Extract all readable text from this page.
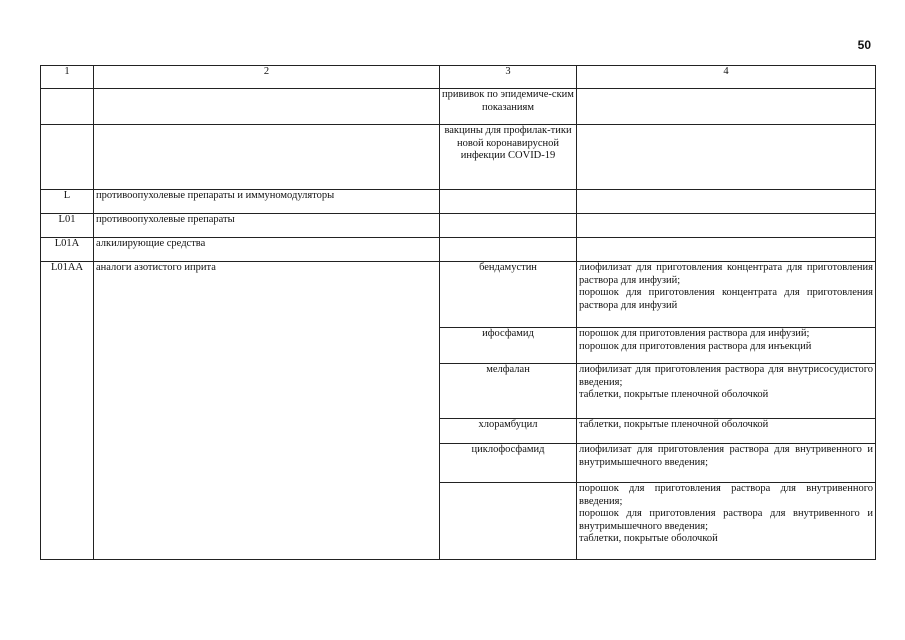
50
1	2	3	4
		прививок по эпидемиче-ским показаниям	
		вакцины для профилак-тики новой коронавирусной инфекции COVID-19	
L	противоопухолевые препараты и иммуномодуляторы		
L01	противоопухолевые препараты		
L01A	алкилирующие средства		
L01AA	аналоги азотистого иприта	бендамустин	лиофилизат для приготовления концентрата для приготовления раствора для инфузий;
порошок для приготовления концентрата для приготовления раствора для инфузий

		ифосфамид	порошок для приготовления раствора для инфузий;
порошок для приготовления раствора для инъекций

		мелфалан	лиофилизат для приготовления раствора для внутрисосудистого введения;
таблетки, покрытые пленочной оболочкой

		хлорамбуцил	таблетки, покрытые пленочной оболочкой

		циклофосфамид	лиофилизат для приготовления раствора для внутривенного и внутримышечного введения;

			порошок для приготовления раствора для внутривенного введения;
порошок для приготовления раствора для внутривенного и внутримышечного введения;
таблетки, покрытые оболочкой
